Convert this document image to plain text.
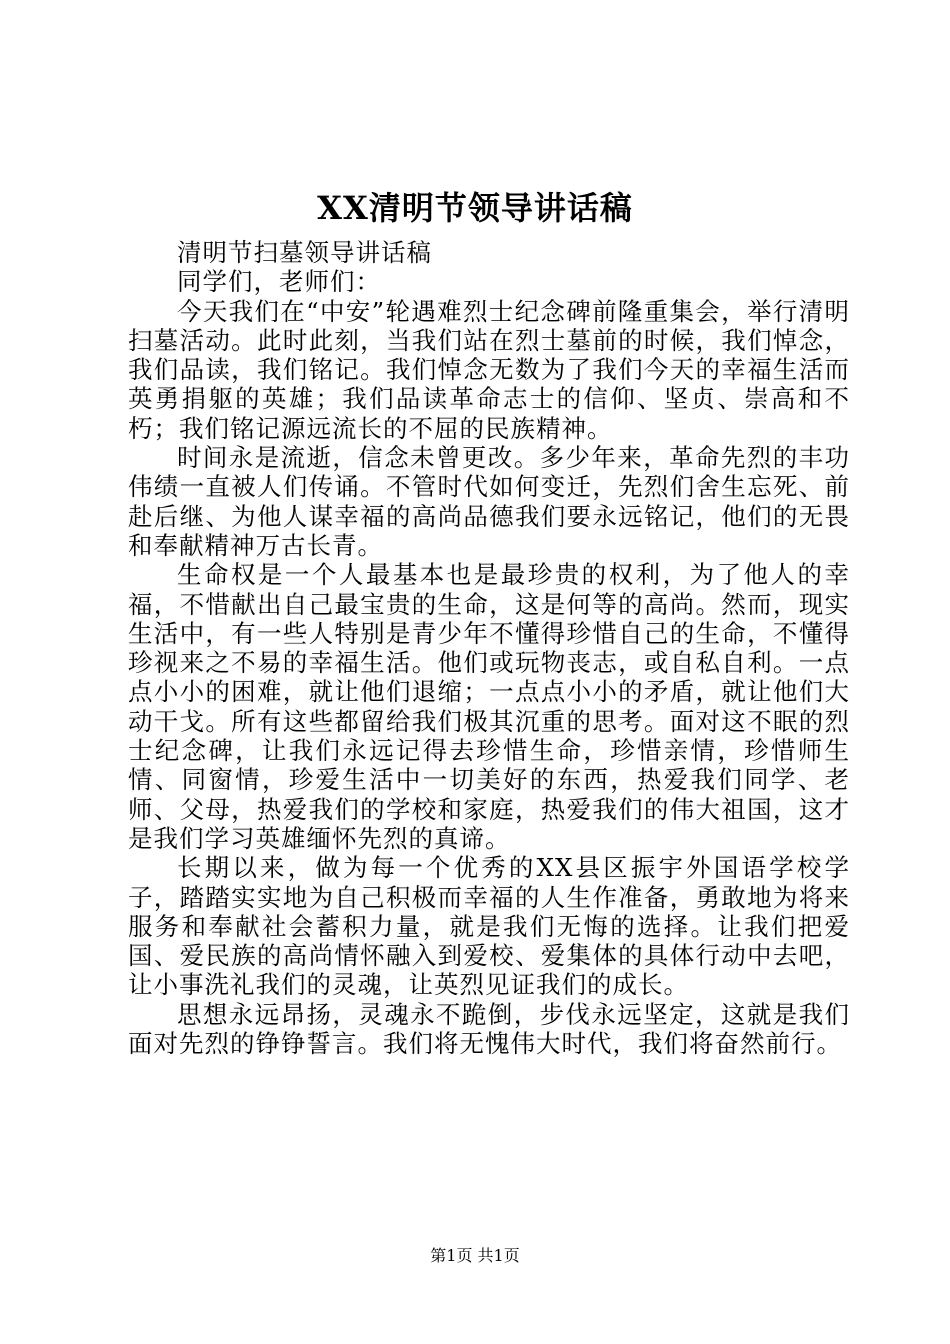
XX清明节领导讲话稿

清明节扫墓领导讲话稿

同学们，老师们：

今天我们在“中安”轮遇难烈士纪念碑前隆重集会，举行清明扫墓活动。此时此刻，当我们站在烈士墓前的时候，我们悼念，我们品读，我们铭记。我们悼念无数为了我们今天的幸福生活而英勇捐躯的英雄；我们品读革命志士的信仰、坚贞、崇高和不朽；我们铭记源远流长的不屈的民族精神。

时间永是流逝，信念未曾更改。多少年来，革命先烈的丰功伟绩一直被人们传诵。不管时代如何变迁，先烈们舍生忘死、前赴后继、为他人谋幸福的高尚品德我们要永远铭记，他们的无畏和奉献精神万古长青。

生命权是一个人最基本也是最珍贵的权利，为了他人的幸福，不惜献出自己最宝贵的生命，这是何等的高尚。然而，现实生活中，有一些人特别是青少年不懂得珍惜自己的生命，不懂得珍视来之不易的幸福生活。他们或玩物丧志，或自私自利。一点点小小的困难，就让他们退缩；一点点小小的矛盾，就让他们大动干戈。所有这些都留给我们极其沉重的思考。面对这不眠的烈士纪念碑，让我们永远记得去珍惜生命，珍惜亲情，珍惜师生情、同窗情，珍爱生活中一切美好的东西，热爱我们同学、老师、父母，热爱我们的学校和家庭，热爱我们的伟大祖国，这才是我们学习英雄缅怀先烈的真谛。

长期以来，做为每一个优秀的XX县区振宇外国语学校学子，踏踏实实地为自己积极而幸福的人生作准备，勇敢地为将来服务和奉献社会蓄积力量，就是我们无悔的选择。让我们把爱国、爱民族的高尚情怀融入到爱校、爱集体的具体行动中去吧，让小事洗礼我们的灵魂，让英烈见证我们的成长。

思想永远昂扬，灵魂永不跪倒，步伐永远坚定，这就是我们面对先烈的铮铮誓言。我们将无愧伟大时代，我们将奋然前行。

第1页 共1页
